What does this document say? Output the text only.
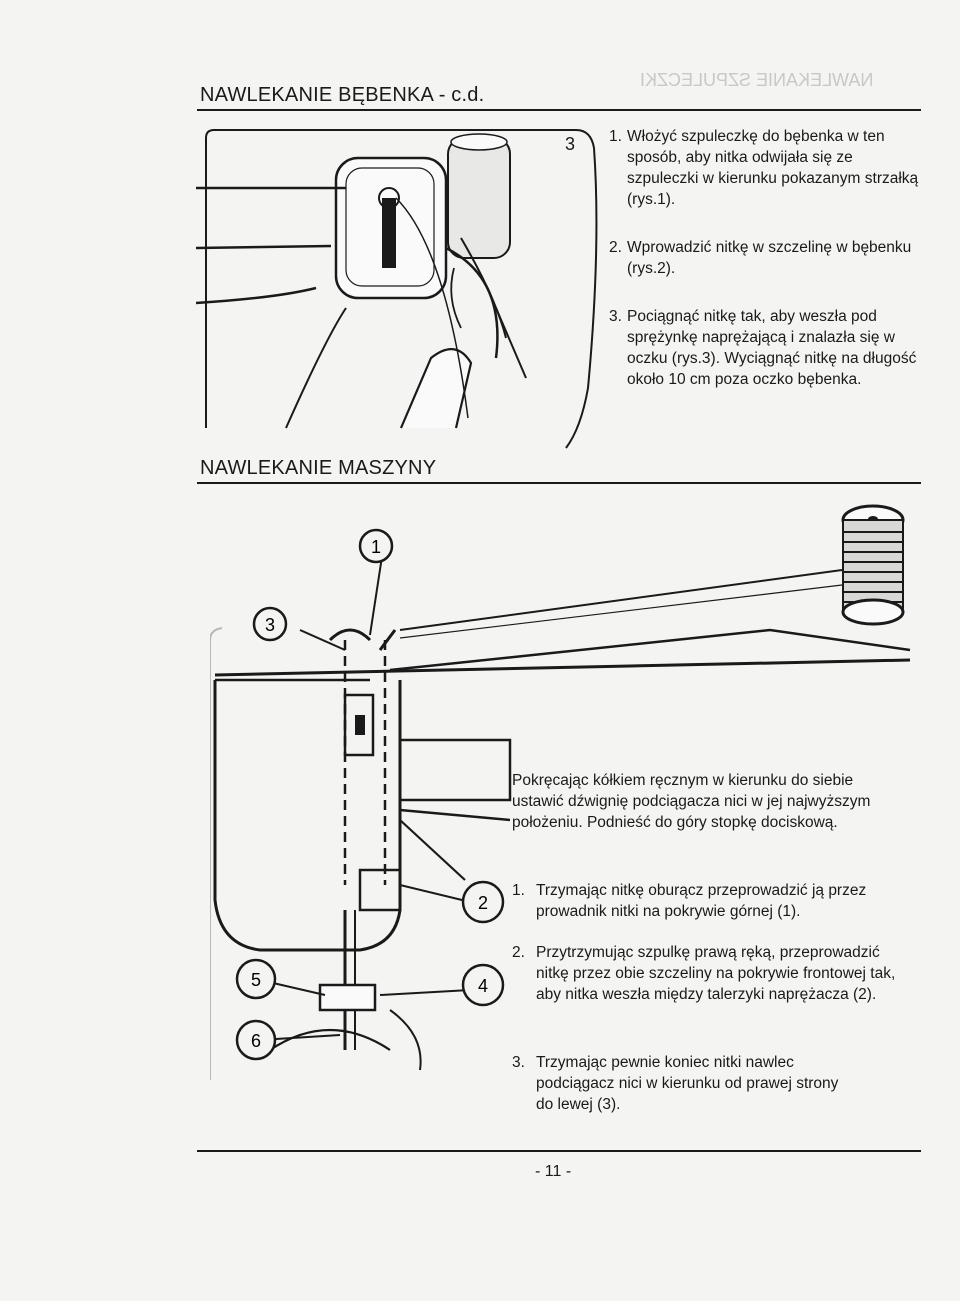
NAWLEKANIE SZPULECZKI
NAWLEKANIE BĘBENKA - c.d.
3 1. Włożyć szpuleczkę do bębenka w ten sposób, aby nitka odwijała się ze szpuleczki w kierunku pokazanym strzałką (rys.1).
2. Wprowadzić nitkę w szczelinę w bębenku (rys.2).
3. Pociągnąć nitkę tak, aby weszła pod sprężynkę naprężającą i znalazła się w oczku (rys.3). Wyciągnąć nitkę na długość około 10 cm poza oczko bębenka.
NAWLEKANIE MASZYNY
1
3
2
4
5
6

Pokręcając kółkiem ręcznym w kierunku do siebie ustawić dźwignię podciągacza nici w jej najwyższym położeniu. Podnieść do góry stopkę dociskową.

1. Trzymając nitkę oburącz przeprowadzić ją przez prowadnik nitki na pokrywie górnej (1).
2. Przytrzymując szpulkę prawą ręką, przeprowadzić nitkę przez obie szczeliny na pokrywie frontowej tak, aby nitka weszła między talerzyki naprężacza (2).
3. Trzymając pewnie koniec nitki nawlec podciągacz nici w kierunku od prawej strony do lewej (3).
- 11 -
